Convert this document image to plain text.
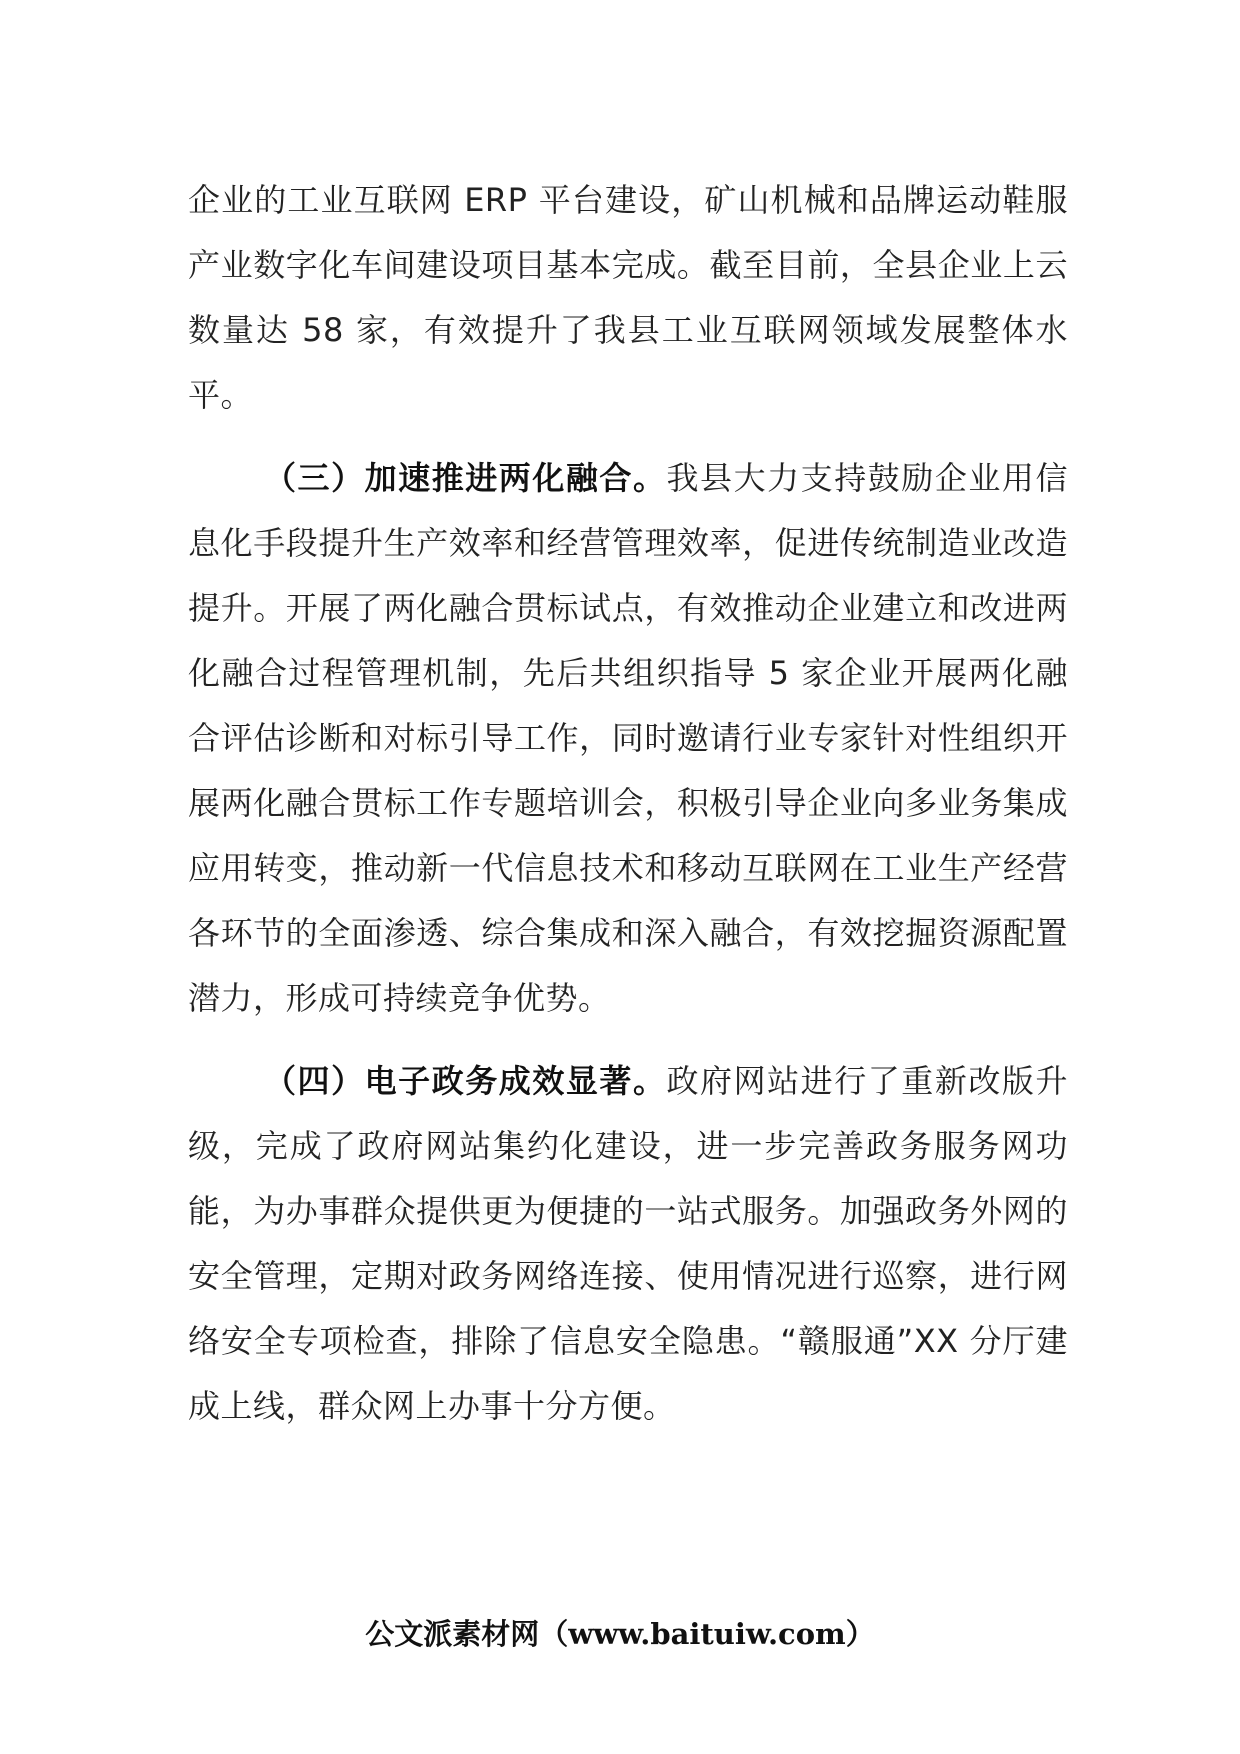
企业的工业互联网 ERP 平台建设，矿山机械和品牌运动鞋服产业数字化车间建设项目基本完成。截至目前，全县企业上云数量达 58 家，有效提升了我县工业互联网领域发展整体水平。

（三）加速推进两化融合。我县大力支持鼓励企业用信息化手段提升生产效率和经营管理效率，促进传统制造业改造提升。开展了两化融合贯标试点，有效推动企业建立和改进两化融合过程管理机制，先后共组织指导 5 家企业开展两化融合评估诊断和对标引导工作，同时邀请行业专家针对性组织开展两化融合贯标工作专题培训会，积极引导企业向多业务集成应用转变，推动新一代信息技术和移动互联网在工业生产经营各环节的全面渗透、综合集成和深入融合，有效挖掘资源配置潜力，形成可持续竞争优势。

（四）电子政务成效显著。政府网站进行了重新改版升级，完成了政府网站集约化建设，进一步完善政务服务网功能，为办事群众提供更为便捷的一站式服务。加强政务外网的安全管理，定期对政务网络连接、使用情况进行巡察，进行网络安全专项检查，排除了信息安全隐患。“赣服通”XX 分厅建成上线，群众网上办事十分方便。

公文派素材网（www.baituiw.com）
